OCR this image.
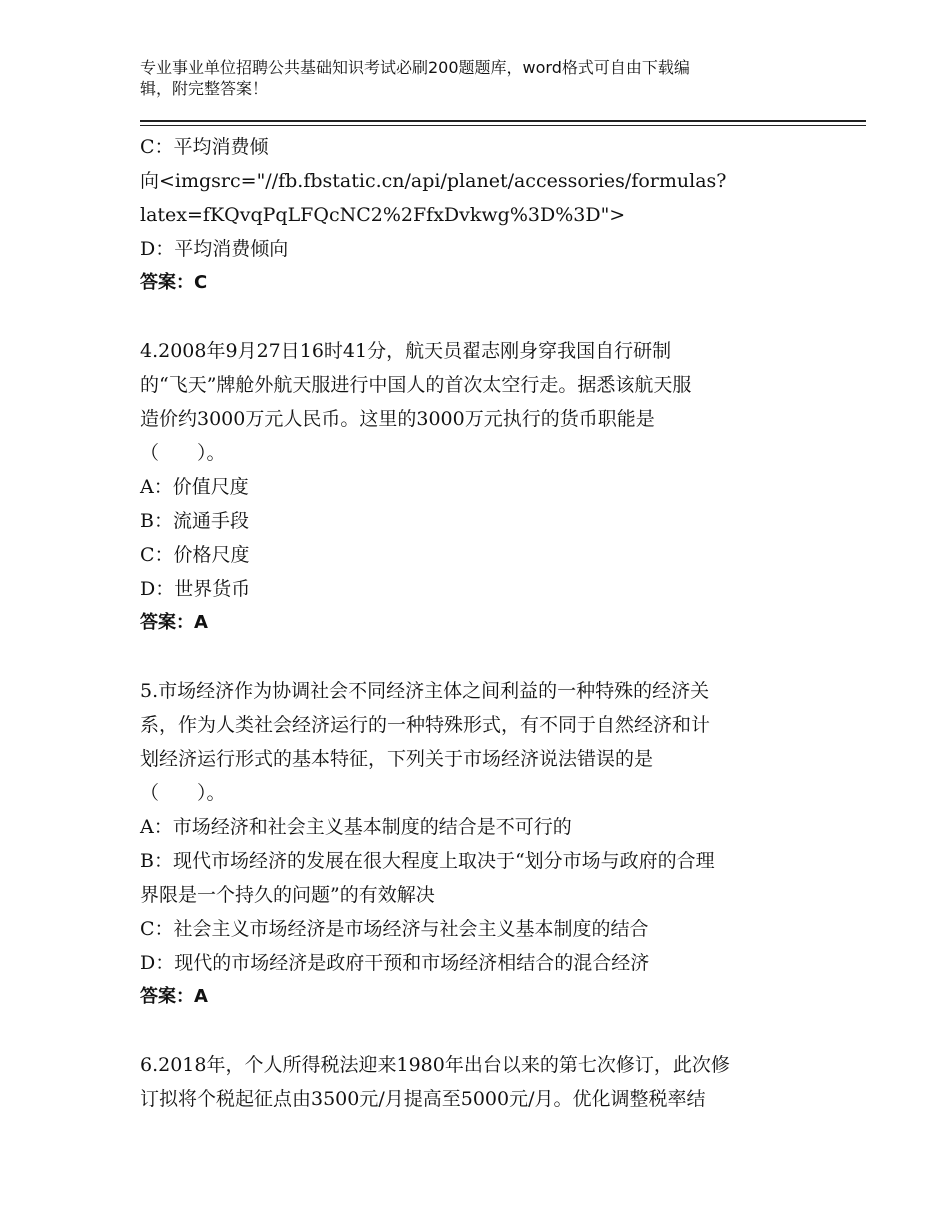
专业事业单位招聘公共基础知识考试必刷200题题库，word格式可自由下载编
辑，附完整答案！
C：平均消费倾
向<imgsrc="//fb.fbstatic.cn/api/planet/accessories/formulas?
latex=fKQvqPqLFQcNC2%2FfxDvkwg%3D%3D">
D：平均消费倾向
答案：C
4.2008年9月27日16时41分，航天员翟志刚身穿我国自行研制
的“飞天”牌舱外航天服进行中国人的首次太空行走。据悉该航天服
造价约3000万元人民币。这里的3000万元执行的货币职能是
（　　）。
A：价值尺度
B：流通手段
C：价格尺度
D：世界货币
答案：A
5.市场经济作为协调社会不同经济主体之间利益的一种特殊的经济关
系，作为人类社会经济运行的一种特殊形式，有不同于自然经济和计
划经济运行形式的基本特征，下列关于市场经济说法错误的是
（　　）。
A：市场经济和社会主义基本制度的结合是不可行的
B：现代市场经济的发展在很大程度上取决于“划分市场与政府的合理
界限是一个持久的问题”的有效解决
C：社会主义市场经济是市场经济与社会主义基本制度的结合
D：现代的市场经济是政府干预和市场经济相结合的混合经济
答案：A
6.2018年，个人所得税法迎来1980年出台以来的第七次修订，此次修
订拟将个税起征点由3500元/月提高至5000元/月。优化调整税率结
